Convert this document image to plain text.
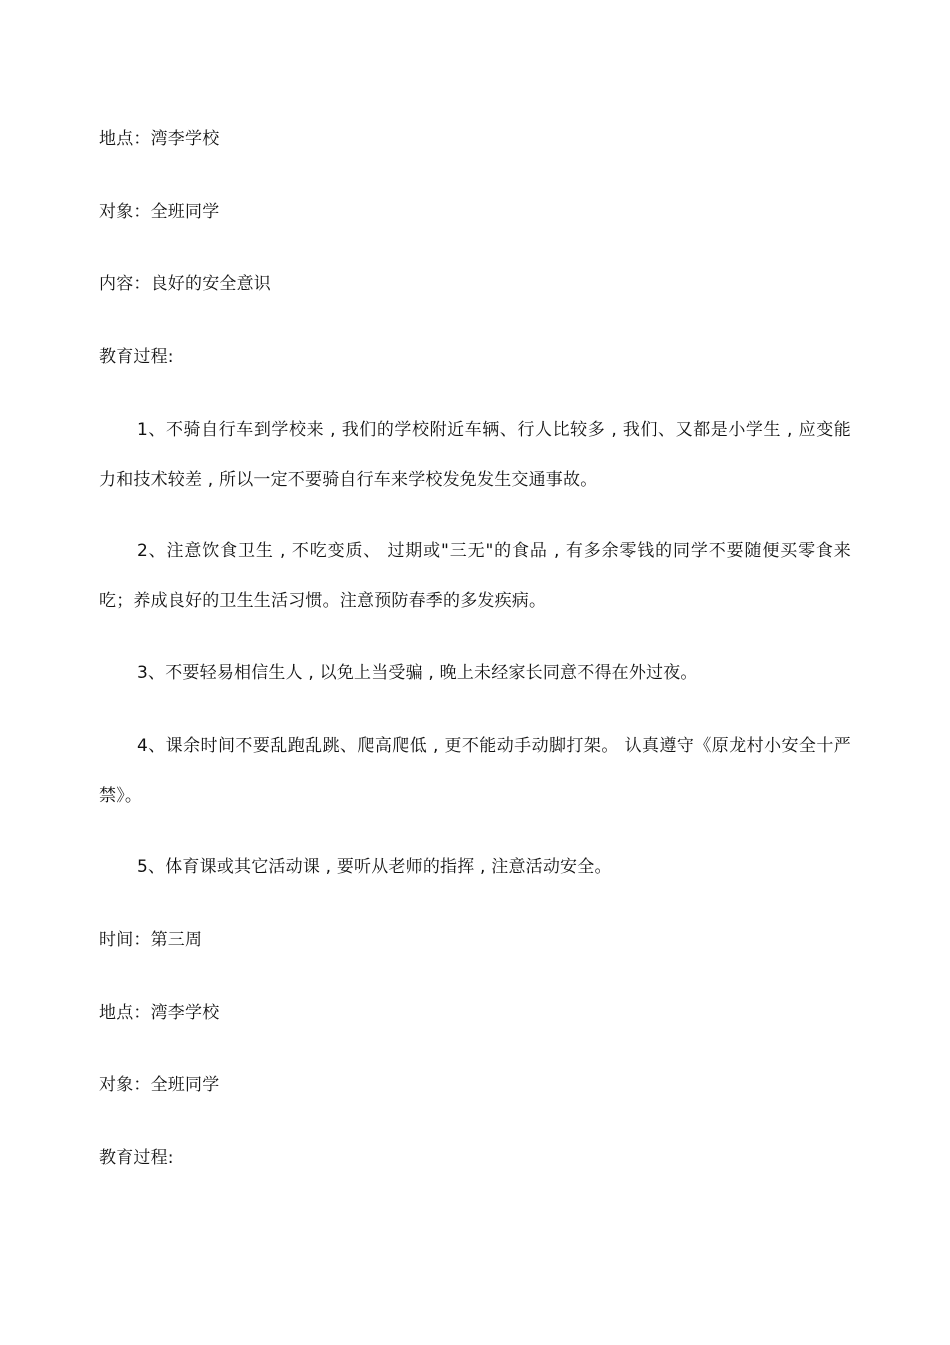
地点：湾李学校
对象：全班同学
内容：良好的安全意识
教育过程:
1、不骑自行车到学校来 , 我们的学校附近车辆、行人比较多 , 我们、又都是小学生 , 应变能力和技术较差 , 所以一定不要骑自行车来学校发免发生交通事故。
2、注意饮食卫生 , 不吃变质、 过期或"三无"的食品 , 有多余零钱的同学不要随便买零食来吃；养成良好的卫生生活习惯。注意预防春季的多发疾病。
3、不要轻易相信生人 , 以免上当受骗 , 晚上未经家长同意不得在外过夜。
4、课余时间不要乱跑乱跳、爬高爬低 , 更不能动手动脚打架。 认真遵守《原龙村小安全十严禁》。
5、体育课或其它活动课 , 要听从老师的指挥 , 注意活动安全。
时间：第三周
地点：湾李学校
对象：全班同学
教育过程:
